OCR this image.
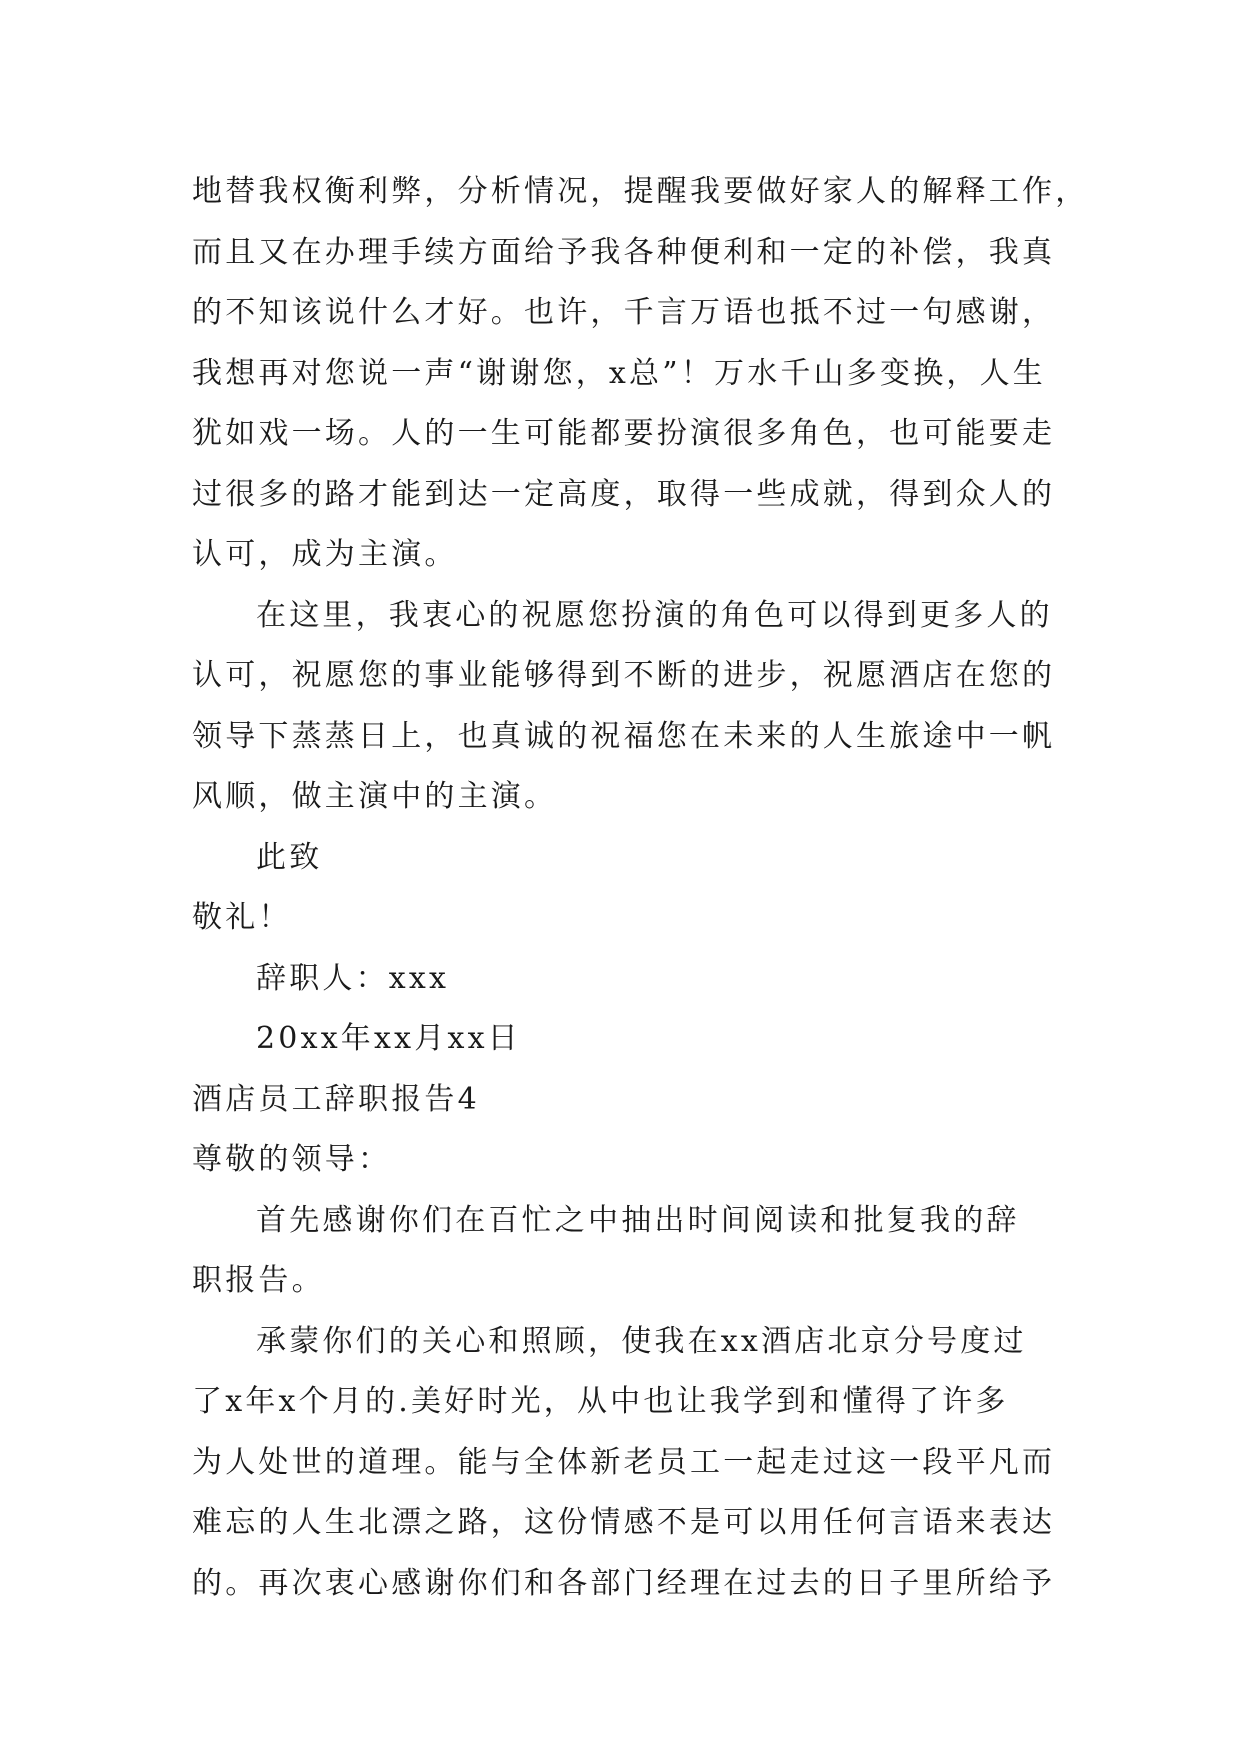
地替我权衡利弊，分析情况，提醒我要做好家人的解释工作，

而且又在办理手续方面给予我各种便利和一定的补偿，我真

的不知该说什么才好。也许，千言万语也抵不过一句感谢，

我想再对您说一声“谢谢您，x总”！万水千山多变换，人生

犹如戏一场。人的一生可能都要扮演很多角色，也可能要走

过很多的路才能到达一定高度，取得一些成就，得到众人的

认可，成为主演。

在这里，我衷心的祝愿您扮演的角色可以得到更多人的

认可，祝愿您的事业能够得到不断的进步，祝愿酒店在您的

领导下蒸蒸日上，也真诚的祝福您在未来的人生旅途中一帆

风顺，做主演中的主演。

此致

敬礼！

辞职人：xxx

20xx年xx月xx日

酒店员工辞职报告4

尊敬的领导：

首先感谢你们在百忙之中抽出时间阅读和批复我的辞

职报告。

承蒙你们的关心和照顾，使我在xx酒店北京分号度过

了x年x个月的.美好时光，从中也让我学到和懂得了许多

为人处世的道理。能与全体新老员工一起走过这一段平凡而

难忘的人生北漂之路，这份情感不是可以用任何言语来表达

的。再次衷心感谢你们和各部门经理在过去的日子里所给予
